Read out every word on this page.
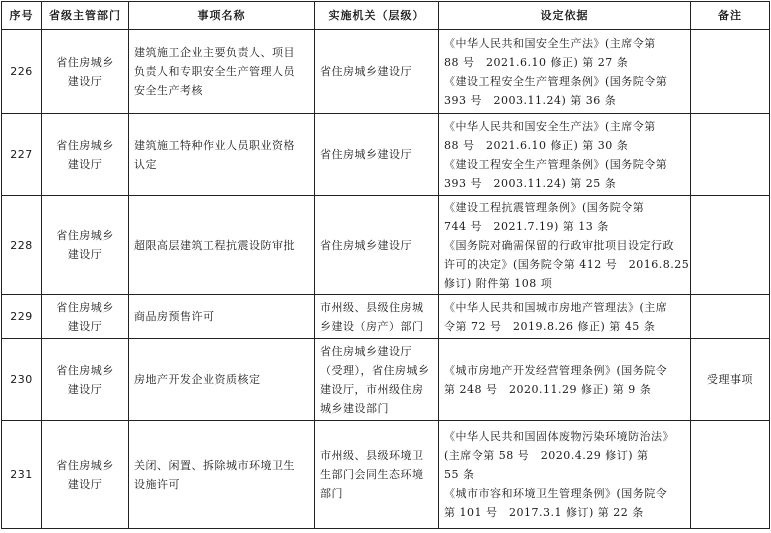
序号	省级主管部门	事项名称	实施机关（层级）	设定依据	备注
226	省住房城乡
建设厅	建筑施工企业主要负责人、项目
负责人和专职安全生产管理人员
安全生产考核	省住房城乡建设厅	《中华人民共和国安全生产法》(主席令第
88 号　2021.6.10 修正) 第 27 条
《建设工程安全生产管理条例》(国务院令第
393 号　2003.11.24) 第 36 条	

227	省住房城乡
建设厅	建筑施工特种作业人员职业资格
认定	省住房城乡建设厅	《中华人民共和国安全生产法》(主席令第
88 号　2021.6.10 修正) 第 30 条
《建设工程安全生产管理条例》(国务院令第
393 号　2003.11.24) 第 25 条	

228	省住房城乡
建设厅	超限高层建筑工程抗震设防审批	省住房城乡建设厅	《建设工程抗震管理条例》(国务院令第
744 号　2021.7.19) 第 13 条
《国务院对确需保留的行政审批项目设定行政
许可的决定》(国务院令第 412 号　2016.8.25
修订) 附件第 108 项	

229	省住房城乡
建设厅	商品房预售许可	市州级、县级住房城
乡建设（房产）部门	《中华人民共和国城市房地产管理法》(主席
令第 72 号　2019.8.26 修正) 第 45 条	

230	省住房城乡
建设厅	房地产开发企业资质核定	省住房城乡建设厅
（受理），省住房城乡
建设厅，市州级住房
城乡建设部门	《城市房地产开发经营管理条例》(国务院令
第 248 号　2020.11.29 修正) 第 9 条	受理事项
231	省住房城乡
建设厅	关闭、闲置、拆除城市环境卫生
设施许可	市州级、县级环境卫
生部门会同生态环境
部门	《中华人民共和国固体废物污染环境防治法》
(主席令第 58 号　2020.4.29 修订) 第
55 条
《城市市容和环境卫生管理条例》(国务院令
第 101 号　2017.3.1 修订) 第 22 条	
